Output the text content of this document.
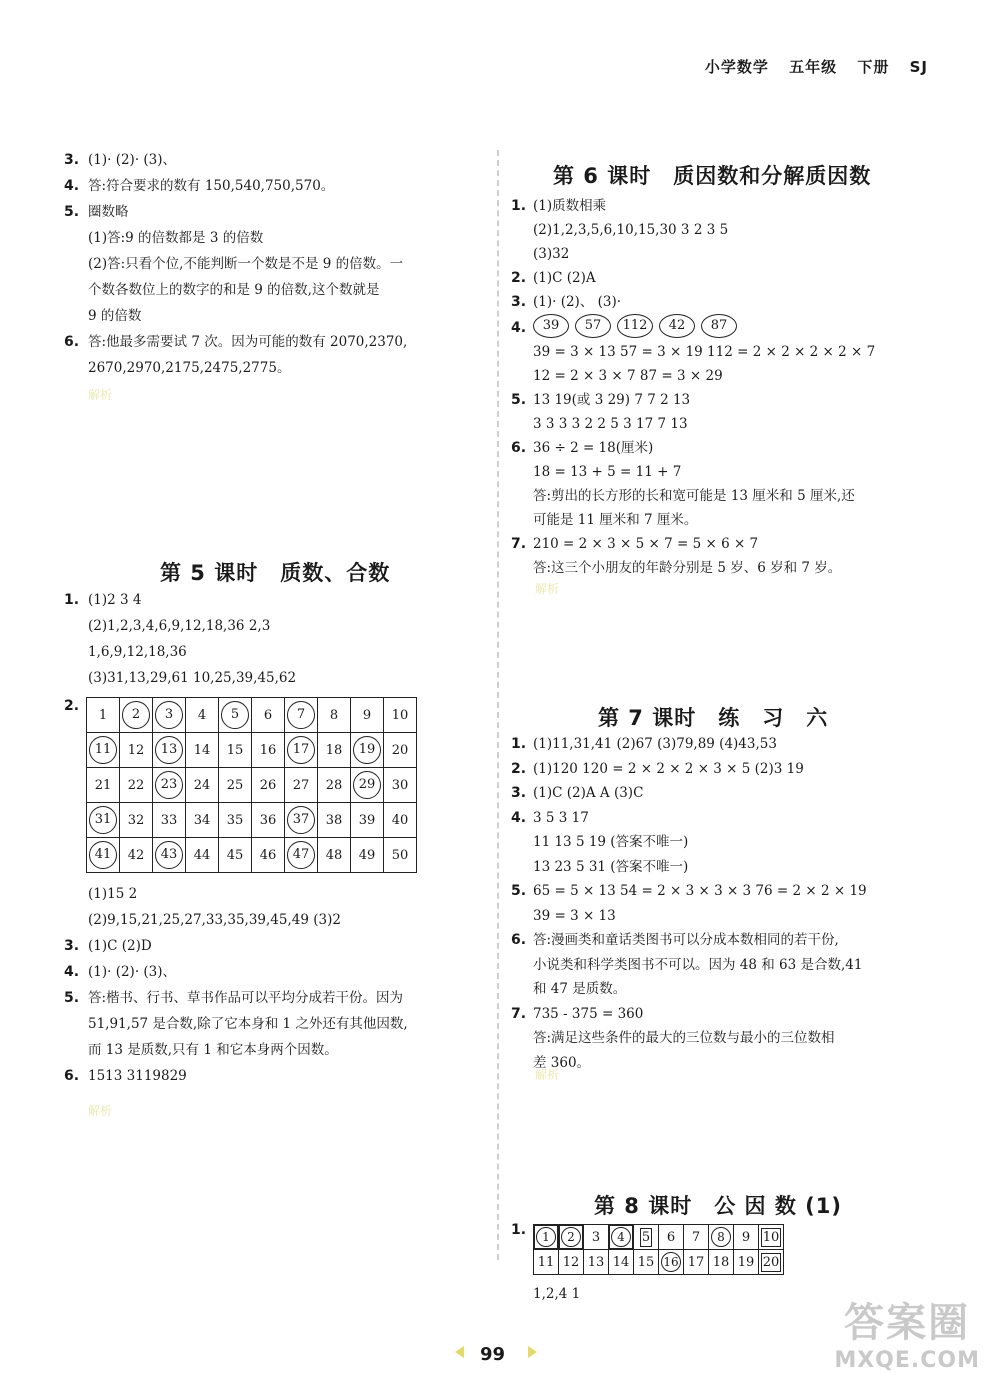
小学数学 五年级 下册 SJ
3. (1)· (2)· (3)、
4. 答:符合要求的数有 150,540,750,570。
5. 圈数略
(1)答:9 的倍数都是 3 的倍数
(2)答:只看个位,不能判断一个数是不是 9 的倍数。一
个数各数位上的数字的和是 9 的倍数,这个数就是
9 的倍数
6. 答:他最多需要试 7 次。因为可能的数有 2070,2370,
2670,2970,2175,2475,2775。
解析
第 5 课时　质数、合数
1. (1)2 3 4
(2)1,2,3,4,6,9,12,18,36 2,3
1,6,9,12,18,36
(3)31,13,29,61 10,25,39,45,62
2.
1	2	3	4	5	6	7	8	9	10
11	12	13	14	15	16	17	18	19	20
21	22	23	24	25	26	27	28	29	30
31	32	33	34	35	36	37	38	39	40
41	42	43	44	45	46	47	48	49	50
(1)15 2
(2)9,15,21,25,27,33,35,39,45,49 (3)2
3. (1)C (2)D
4. (1)· (2)· (3)、
5. 答:楷书、行书、草书作品可以平均分成若干份。因为
51,91,57 是合数,除了它本身和 1 之外还有其他因数,
而 13 是质数,只有 1 和它本身两个因数。
6. 1513 3119829
解析
第 6 课时　质因数和分解质因数
1. (1)质数相乘
(2)1,2,3,5,6,10,15,30 3 2 3 5
(3)32
2. (1)C (2)A
3. (1)· (2)、 (3)·
4.	39 57 112 42 87
39 = 3 × 13 57 = 3 × 19 112 = 2 × 2 × 2 × 2 × 7
12 = 2 × 3 × 7 87 = 3 × 29
5. 13 19(或 3 29) 7 7 2 13
3 3 3 3 2 2 5 3 17 7 13
6. 36 ÷ 2 = 18(厘米)
18 = 13 + 5 = 11 + 7
答:剪出的长方形的长和宽可能是 13 厘米和 5 厘米,还
可能是 11 厘米和 7 厘米。
7. 210 = 2 × 3 × 5 × 7 = 5 × 6 × 7
答:这三个小朋友的年龄分别是 5 岁、6 岁和 7 岁。
解析
第 7 课时　练　习　六
1. (1)11,31,41 (2)67 (3)79,89 (4)43,53
2. (1)120 120 = 2 × 2 × 2 × 3 × 5 (2)3 19
3. (1)C (2)A A (3)C
4. 3 5 3 17
11 13 5 19 (答案不唯一)
13 23 5 31 (答案不唯一)
5. 65 = 5 × 13 54 = 2 × 3 × 3 × 3 76 = 2 × 2 × 19
39 = 3 × 13
6. 答:漫画类和童话类图书可以分成本数相同的若干份,
小说类和科学类图书不可以。因为 48 和 63 是合数,41
和 47 是质数。
7. 735 - 375 = 360
答:满足这些条件的最大的三位数与最小的三位数相
差 360。
解析
第 8 课时　公 因 数 (1)
1. 1	2	3	4	5	6	7	8	9	10
11	12	13	14	15	16	17	18	19	20
1,2,4 1
99
答案圈
MXQE.COM
